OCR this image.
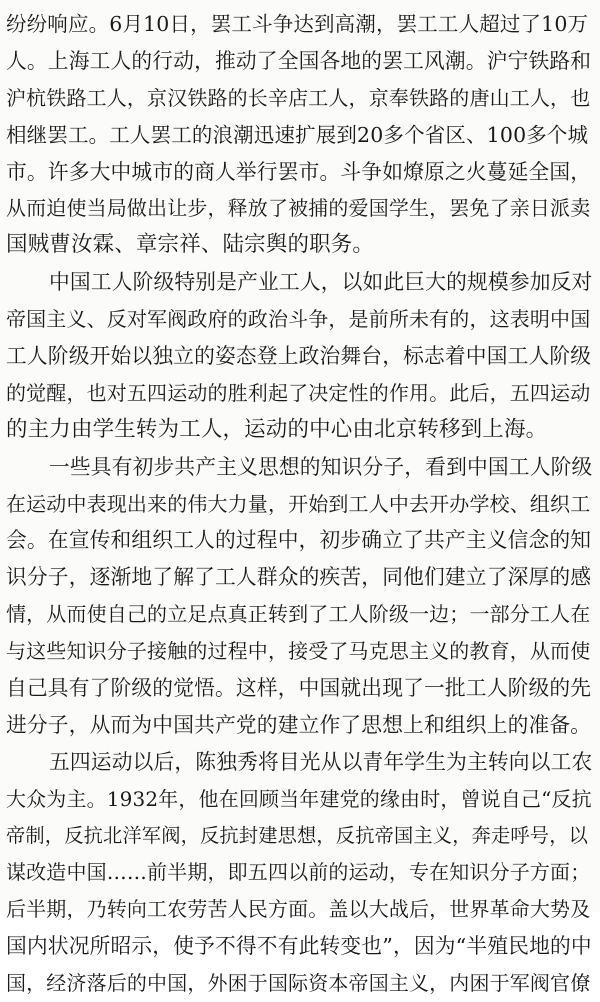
纷纷响应。6月10日，罢工斗争达到高潮，罢工工人超过了10万
人。上海工人的行动，推动了全国各地的罢工风潮。沪宁铁路和
沪杭铁路工人，京汉铁路的长辛店工人，京奉铁路的唐山工人，也
相继罢工。工人罢工的浪潮迅速扩展到20多个省区、100多个城
市。许多大中城市的商人举行罢市。斗争如燎原之火蔓延全国，
从而迫使当局做出让步，释放了被捕的爱国学生，罢免了亲日派卖
国贼曹汝霖、章宗祥、陆宗舆的职务。
中国工人阶级特别是产业工人，以如此巨大的规模参加反对
帝国主义、反对军阀政府的政治斗争，是前所未有的，这表明中国
工人阶级开始以独立的姿态登上政治舞台，标志着中国工人阶级
的觉醒，也对五四运动的胜利起了决定性的作用。此后，五四运动
的主力由学生转为工人，运动的中心由北京转移到上海。
一些具有初步共产主义思想的知识分子，看到中国工人阶级
在运动中表现出来的伟大力量，开始到工人中去开办学校、组织工
会。在宣传和组织工人的过程中，初步确立了共产主义信念的知
识分子，逐渐地了解了工人群众的疾苦，同他们建立了深厚的感
情，从而使自己的立足点真正转到了工人阶级一边；一部分工人在
与这些知识分子接触的过程中，接受了马克思主义的教育，从而使
自己具有了阶级的觉悟。这样，中国就出现了一批工人阶级的先
进分子，从而为中国共产党的建立作了思想上和组织上的准备。
五四运动以后，陈独秀将目光从以青年学生为主转向以工农
大众为主。1932年，他在回顾当年建党的缘由时，曾说自己“反抗
帝制，反抗北洋军阀，反抗封建思想，反抗帝国主义，奔走呼号，以
谋改造中国……前半期，即五四以前的运动，专在知识分子方面；
后半期，乃转向工农劳苦人民方面。盖以大战后，世界革命大势及
国内状况所昭示，使予不得不有此转变也”，因为“半殖民地的中
国，经济落后的中国，外困于国际资本帝国主义，内困于军阀官僚
